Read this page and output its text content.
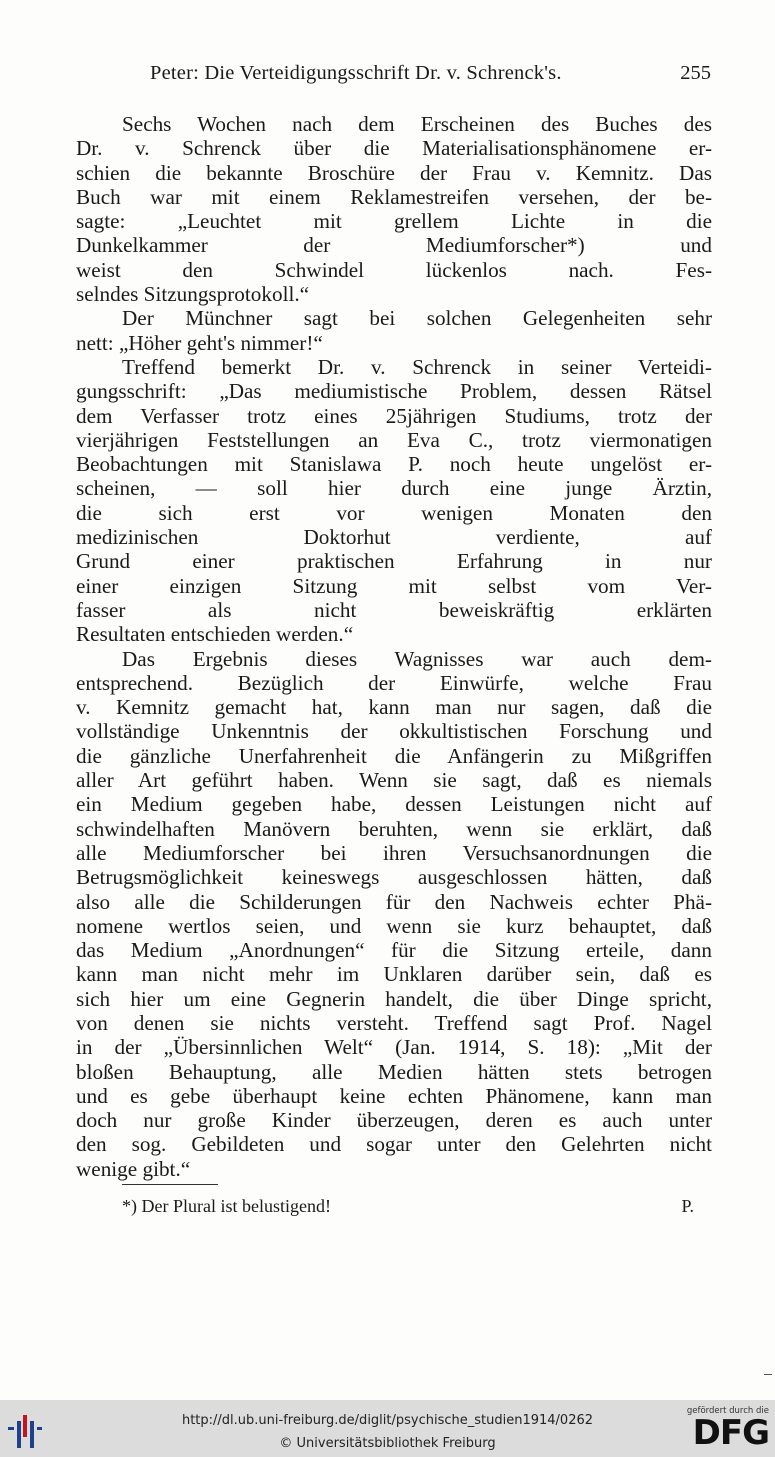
Peter: Die Verteidigungsschrift Dr. v. Schrenck's.	255
Sechs Wochen nach dem Erscheinen des Buches des
Dr. v. Schrenck über die Materialisationsphänomene er-
schien die bekannte Broschüre der Frau v. Kemnitz. Das
Buch war mit einem Reklamestreifen versehen, der be-
sagte: „Leuchtet mit grellem Lichte in die
Dunkelkammer der Mediumforscher*) und
weist den Schwindel lückenlos nach. Fes-
selndes Sitzungsprotokoll.“
Der Münchner sagt bei solchen Gelegenheiten sehr
nett: „Höher geht's nimmer!“
Treffend bemerkt Dr. v. Schrenck in seiner Verteidi-
gungsschrift: „Das mediumistische Problem, dessen Rätsel
dem Verfasser trotz eines 25jährigen Studiums, trotz der
vierjährigen Feststellungen an Eva C., trotz viermonatigen
Beobachtungen mit Stanislawa P. noch heute ungelöst er-
scheinen, — soll hier durch eine junge Ärztin,
die sich erst vor wenigen Monaten den
medizinischen Doktorhut verdiente, auf
Grund einer praktischen Erfahrung in nur
einer einzigen Sitzung mit selbst vom Ver-
fasser als nicht beweiskräftig erklärten
Resultaten entschieden werden.“
Das Ergebnis dieses Wagnisses war auch dem-
entsprechend. Bezüglich der Einwürfe, welche Frau
v. Kemnitz gemacht hat, kann man nur sagen, daß die
vollständige Unkenntnis der okkultistischen Forschung und
die gänzliche Unerfahrenheit die Anfängerin zu Mißgriffen
aller Art geführt haben. Wenn sie sagt, daß es niemals
ein Medium gegeben habe, dessen Leistungen nicht auf
schwindelhaften Manövern beruhten, wenn sie erklärt, daß
alle Mediumforscher bei ihren Versuchsanordnungen die
Betrugsmöglichkeit keineswegs ausgeschlossen hätten, daß
also alle die Schilderungen für den Nachweis echter Phä-
nomene wertlos seien, und wenn sie kurz behauptet, daß
das Medium „Anordnungen“ für die Sitzung erteile, dann
kann man nicht mehr im Unklaren darüber sein, daß es
sich hier um eine Gegnerin handelt, die über Dinge spricht,
von denen sie nichts versteht. Treffend sagt Prof. Nagel
in der „Übersinnlichen Welt“ (Jan. 1914, S. 18): „Mit der
bloßen Behauptung, alle Medien hätten stets betrogen
und es gebe überhaupt keine echten Phänomene, kann man
doch nur große Kinder überzeugen, deren es auch unter
den sog. Gebildeten und sogar unter den Gelehrten nicht
wenige gibt.“
*) Der Plural ist belustigend!	P.
http://dl.ub.uni-freiburg.de/diglit/psychische_studien1914/0262
© Universitätsbibliothek Freiburg
gefördert durch die
DFG
